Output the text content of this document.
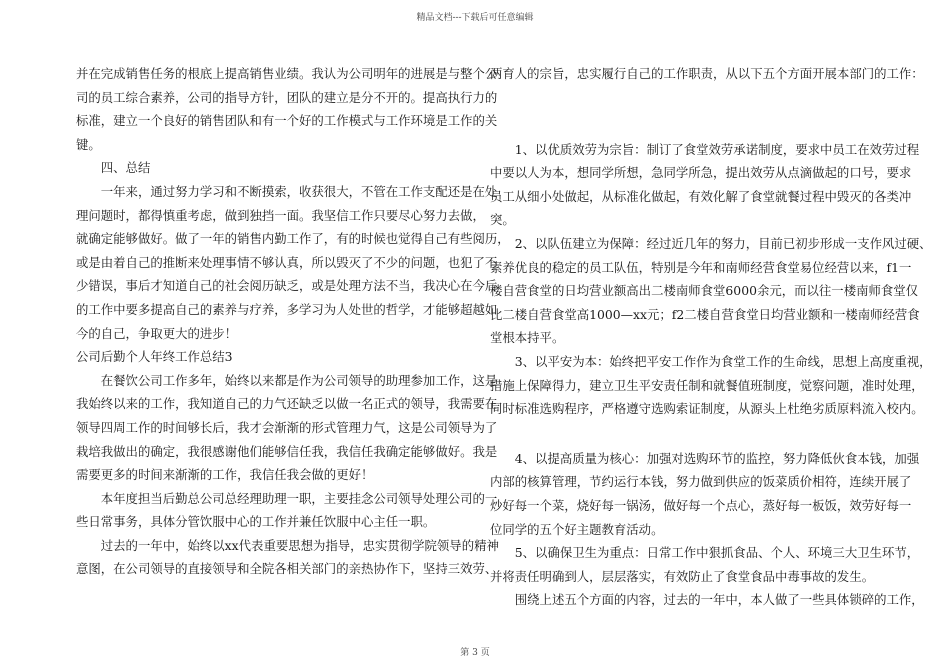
精品文档---下载后可任意编辑
并在完成销售任务的根底上提高销售业绩。我认为公司明年的进展是与整个公
司的员工综合素养，公司的指导方针，团队的建立是分不开的。提高执行力的
标准，建立一个良好的销售团队和有一个好的工作模式与工作环境是工作的关
键。
　　四、总结
　　一年来，通过努力学习和不断摸索，收获很大，不管在工作支配还是在处
理问题时，都得慎重考虑，做到独挡一面。我坚信工作只要尽心努力去做，
就确定能够做好。做了一年的销售内勤工作了，有的时候也觉得自己有些阅历，
或是由着自己的推断来处理事情不够认真，所以毁灭了不少的问题，也犯了不
少错误，事后才知道自己的社会阅历缺乏，或是处理方法不当，我决心在今后
的工作中要多提高自己的素养与疗养，多学习为人处世的哲学，才能够超越如
今的自己，争取更大的进步！
公司后勤个人年终工作总结3
　　在餐饮公司工作多年，始终以来都是作为公司领导的助理参加工作，这是
我始终以来的工作，我知道自己的力气还缺乏以做一名正式的领导，我需要在
领导四周工作的时间够长后，我才会渐渐的形式管理力气，这是公司领导为了
栽培我做出的确定，我很感谢他们能够信任我，我信任我确定能够做好。我是
需要更多的时间来渐渐的工作，我信任我会做的更好！
　　本年度担当后勤总公司总经理助理一职，主要挂念公司领导处理公司的一
些日常事务，具体分管饮服中心的工作并兼任饮服中心主任一职。
　　过去的一年中，始终以xx代表重要思想为指导，忠实贯彻学院领导的精神
意图，在公司领导的直接领导和全院各相关部门的亲热协作下，坚持三效劳、
两育人的宗旨，忠实履行自己的工作职责，从以下五个方面开展本部门的工作：
　　1、以优质效劳为宗旨：制订了食堂效劳承诺制度，要求中员工在效劳过程
中要以人为本，想同学所想，急同学所急，提出效劳从点滴做起的口号，要求
员工从细小处做起，从标准化做起，有效化解了食堂就餐过程中毁灭的各类冲
突。
　　2、以队伍建立为保障：经过近几年的努力，目前已初步形成一支作风过硬、
素养优良的稳定的员工队伍，特别是今年和南师经营食堂易位经营以来，f1一
楼自营食堂的日均营业额高出二楼南师食堂6000余元，而以往一楼南师食堂仅
比二楼自营食堂高1000—xx元；f2二楼自营食堂日均营业额和一楼南师经营食
堂根本持平。
　　3、以平安为本：始终把平安工作作为食堂工作的生命线，思想上高度重视，
措施上保障得力，建立卫生平安责任制和就餐值班制度，觉察问题，准时处理，
同时标准选购程序，严格遵守选购索证制度，从源头上杜绝劣质原料流入校内。
　　4、以提高质量为核心：加强对选购环节的监控，努力降低伙食本钱，加强
内部的核算管理，节约运行本钱，努力做到供应的饭菜质价相符，连续开展了
炒好每一个菜，烧好每一锅汤，做好每一个点心，蒸好每一板饭，效劳好每一
位同学的五个好主题教育活动。
　　5、以确保卫生为重点：日常工作中狠抓食品、个人、环境三大卫生环节，
并将责任明确到人，层层落实，有效防止了食堂食品中毒事故的发生。
　　围绕上述五个方面的内容，过去的一年中，本人做了一些具体锁碎的工作，
第 3 页
